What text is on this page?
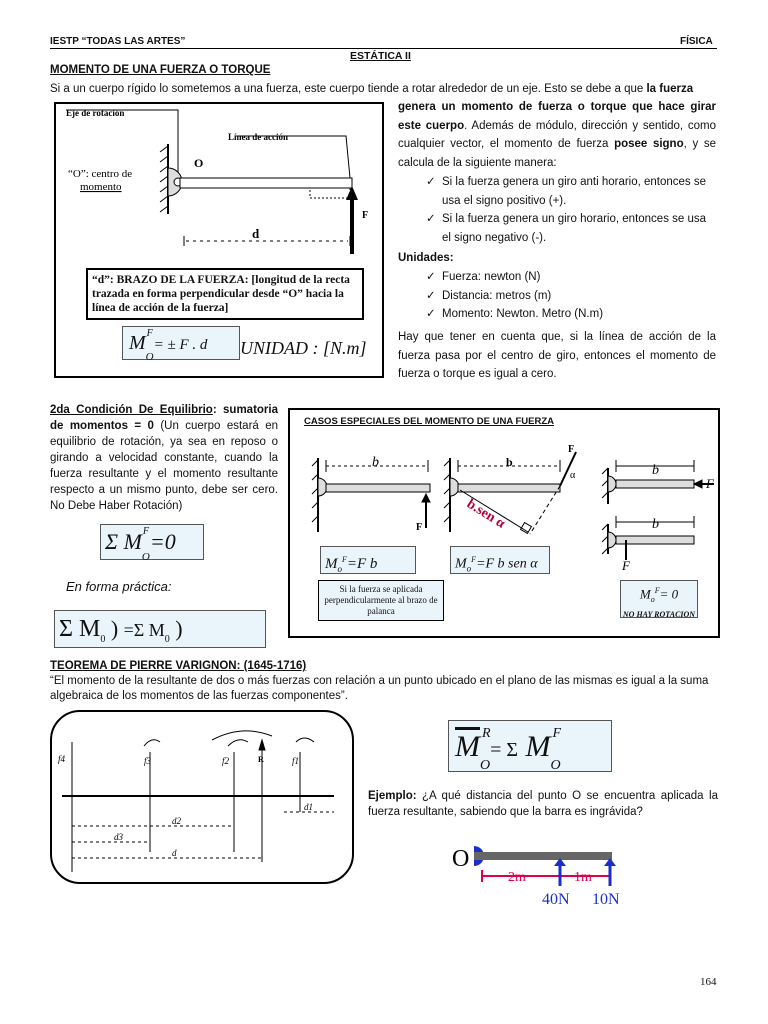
IESTP “TODAS LAS ARTES”	FÍSICA
ESTÁTICA II
MOMENTO DE UNA FUERZA O TORQUE
Si a un cuerpo rígido lo sometemos a una fuerza, este cuerpo tiende a rotar alrededor de un eje. Esto se debe a que la fuerza
Eje de rotación
Línea de acción
“O”: centro de
momento
O
F
d
“d”: BRAZO DE LA FUERZA: [longitud de la recta trazada en forma perpendicular desde “O” hacia la línea de acción de la fuerza]
M F
$_O$= ± F . d	UNIDAD : [N.m]
genera un momento de fuerza o torque que hace girar este cuerpo. Además de módulo, dirección y sentido, como cualquier vector, el momento de fuerza posee signo, y se calcula de la siguiente manera:
✓ Si la fuerza genera un giro anti horario, entonces se usa el signo positivo (+).
✓ Si la fuerza genera un giro horario, entonces se usa el signo negativo (-).
Unidades:
✓ Fuerza: newton (N)
✓ Distancia: metros (m)
✓ Momento: Newton. Metro (N.m)
Hay que tener en cuenta que, si la línea de acción de la fuerza pasa por el centro de giro, entonces el momento de fuerza o torque es igual a cero.
2da Condición De Equilibrio: sumatoria de momentos = 0 (Un cuerpo estará en equilibrio de rotación, ya sea en reposo o girando a velocidad constante, cuando la fuerza resultante y el momento resultante respecto a un mismo punto, debe ser cero. No Debe Haber Rotación)
Σ M F
$_O$=0
En forma práctica:
Σ $M_0$ ) =Σ $M_0$ )
CASOS ESPECIALES DEL MOMENTO DE UNA FUERZA
b
F
b
F
α
b.sen α
b
F
b
F
$M_o^F=F$ b	$M_o^F=F$ b sen α
Si la fuerza se aplicada perpendicularmente al brazo de palanca
$M_o^F= 0$
NO HAY ROTACION
TEOREMA DE PIERRE VARIGNON: (1645-1716)
“El momento de la resultante de dos o más fuerzas con relación a un punto ubicado en el plano de las mismas es igual a la suma algebraica de los momentos de las fuerzas componentes”.
f4	f3	f2	R	f1
d1
d2
d3
d
$\overline{M}$ R
$_O$= Σ M F
$_O$
Ejemplo: ¿A qué distancia del punto O se encuentra aplicada la fuerza resultante, sabiendo que la barra es ingrávida?
O
2m	1m
40N 10N
164
